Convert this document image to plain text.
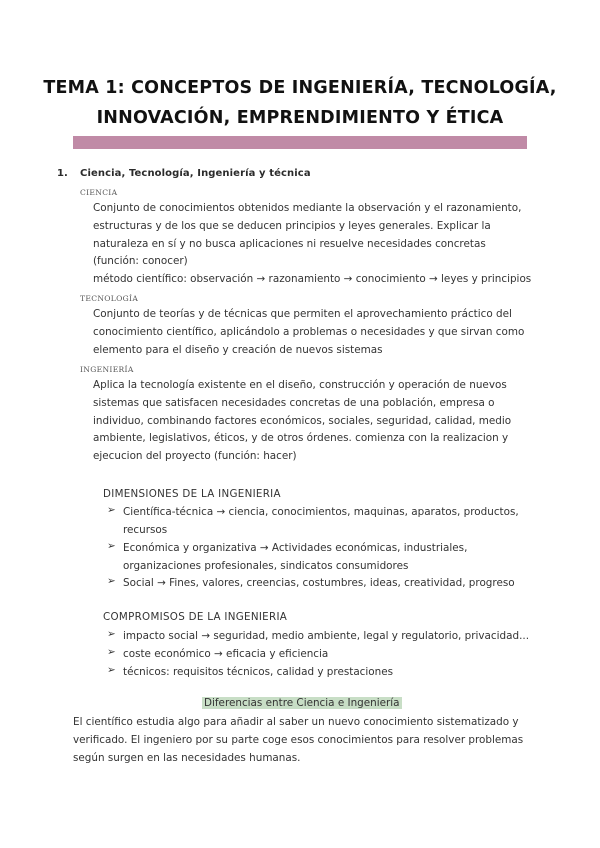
TEMA 1: CONCEPTOS DE INGENIERÍA, TECNOLOGÍA,
INNOVACIÓN, EMPRENDIMIENTO Y ÉTICA
1. Ciencia, Tecnología, Ingeniería y técnica
CIENCIA
Conjunto de conocimientos obtenidos mediante la observación y el razonamiento,
estructuras y de los que se deducen principios y leyes generales. Explicar la
naturaleza en sí y no busca aplicaciones ni resuelve necesidades concretas
(función: conocer)
método científico: observación → razonamiento → conocimiento → leyes y principios
TECNOLOGÍA
Conjunto de teorías y de técnicas que permiten el aprovechamiento práctico del
conocimiento científico, aplicándolo a problemas o necesidades y que sirvan como
elemento para el diseño y creación de nuevos sistemas
INGENIERÍA
Aplica la tecnología existente en el diseño, construcción y operación de nuevos
sistemas que satisfacen necesidades concretas de una población, empresa o
individuo, combinando factores económicos, sociales, seguridad, calidad, medio
ambiente, legislativos, éticos, y de otros órdenes. comienza con la realizacion y
ejecucion del proyecto (función: hacer)
DIMENSIONES DE LA INGENIERIA
➢ Científica-técnica → ciencia, conocimientos, maquinas, aparatos, productos,
recursos
➢ Económica y organizativa → Actividades económicas, industriales,
organizaciones profesionales, sindicatos consumidores
➢ Social → Fines, valores, creencias, costumbres, ideas, creatividad, progreso
COMPROMISOS DE LA INGENIERIA
➢ impacto social → seguridad, medio ambiente, legal y regulatorio, privacidad...
➢ coste económico → eficacia y eficiencia
➢ técnicos: requisitos técnicos, calidad y prestaciones
Diferencias entre Ciencia e Ingeniería
El científico estudia algo para añadir al saber un nuevo conocimiento sistematizado y
verificado. El ingeniero por su parte coge esos conocimientos para resolver problemas
según surgen en las necesidades humanas.
